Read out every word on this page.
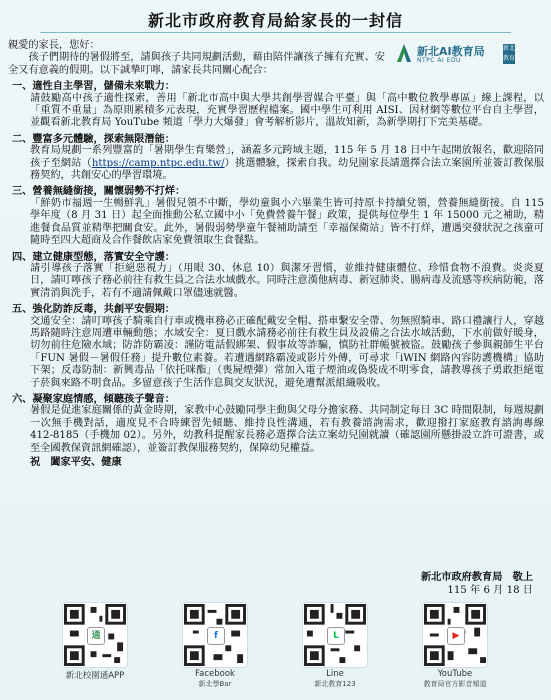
新北市政府教育局給家長的一封信
新北AI教育局
NTPC AI EDU
新北 教育

親愛的家長，您好：

孩子們期待的暑假將至，請與孩子共同規劃活動，藉由陪伴讓孩子擁有充實、安全又有意義的假期。以下誠摯叮嚀，請家長共同關心配合：

一、適性自主學習，儲備未來戰力：

請鼓勵高中孩子適性探索，善用「新北市高中與大學共創學習媒合平臺」與「高中數位教學專區」線上課程，以「重質不重量」為原則累積多元表現，充實學習歷程檔案。國中學生可利用 AISI、因材網等數位平台自主學習，並觀看新北教育局 YouTube 頻道「學力大爆發」會考解析影片，溫故知新，為新學期打下完美基礎。

二、豐富多元體驗，探索無限潛能：

教育局規劃一系列豐富的「暑期學生育樂營」，涵蓋多元跨域主題，115 年 5 月 18 日中午起開放報名，歡迎陪同孩子至網站（https://camp.ntpc.edu.tw/）挑選體驗，探索自我。幼兒園家長請選擇合法立案園所並簽訂教保服務契約，共創安心的學習環境。

三、營養無縫銜接，關懷弱勢不打烊：

「鮮奶市福週一生暢鮮乳」暑假兒領不中斷，學幼童與小六畢業生皆可持原卡持續兌領，營養無縫銜接。自 115 學年度（8 月 31 日）起全面推動公私立國中小「免費營養午餐」政策，提供每位學生 1 年 15000 元之補助，精進餐食品質並精準把關食安。此外，暑假弱勢學童午餐補助請至「幸福保衛站」皆不打烊，遭遇突發狀況之孩童可隨時至四大超商及合作餐飲店家免費領取生食餐點。

四、建立健康型態，落實安全守護：

請引導孩子落實「拒絕惡視力」（用眼 30、休息 10）與潔牙習慣，並維持健康體位、珍惜食物不浪費。炎炎夏日，請叮嚀孩子務必前往有救生員之合法水域戲水。同時注意漢他病毒、新冠肺炎、腸病毒及流感等疾病防範，落實清消與洗手，若有不適請佩戴口罩儘速就醫。

五、強化防詐反毒，共創平安假期：

交通安全：請叮嚀孩子騎乘自行車或機車務必正確配戴安全帽、搭車繫安全帶、勿無照騎車、路口禮讓行人，穿越馬路隨時注意周遭車輛動態；水域安全：夏日戲水請務必前往有救生員及設備之合法水域活動，下水前做好暖身，切勿前往危險水域；防詐防霸凌：謹防電話假綁架、假事故等詐騙，慎防社群帳號被盜。鼓勵孩子參與親師生平台「FUN 暑假－暑假任務」提升數位素養。若遭遇網路霸凌或影片外傳，可尋求「iWIN 網路內容防護機構」協助下架；反毒防制：新興毒品「依托咪酯」（喪屍煙彈）常加入電子煙油或偽裝成不明零食，請教導孩子勇敢拒絕電子菸與來路不明食品。多留意孩子生活作息與交友狀況，避免遭幫派組織吸收。

六、凝聚家庭情感，傾聽孩子聲音：

暑假是促進家庭關係的黃金時期，家教中心鼓勵同學主動與父母分擔家務、共同制定每日 3C 時間限制，每週規劃一次無手機對話，適度見不合時練習先傾聽、維持良性溝通，若有教養諮詢需求，歡迎撥打家庭教育諮詢專線 412-8185（手機加 02）。另外，幼教科提醒家長務必選擇合法立案幼兒園就讀（確認園所懸掛設立許可證書，或至全國教保資訊網確認），並簽訂教保服務契約，保障幼兒權益。

祝　闔家平安、健康

新北市政府教育局　敬上
115 年 6 月 18 日
通
新北校園通APP
f
Facebook
新北學Bar
L
Line
新北教育123
▶
YouTube
教育局官方影音頻道
